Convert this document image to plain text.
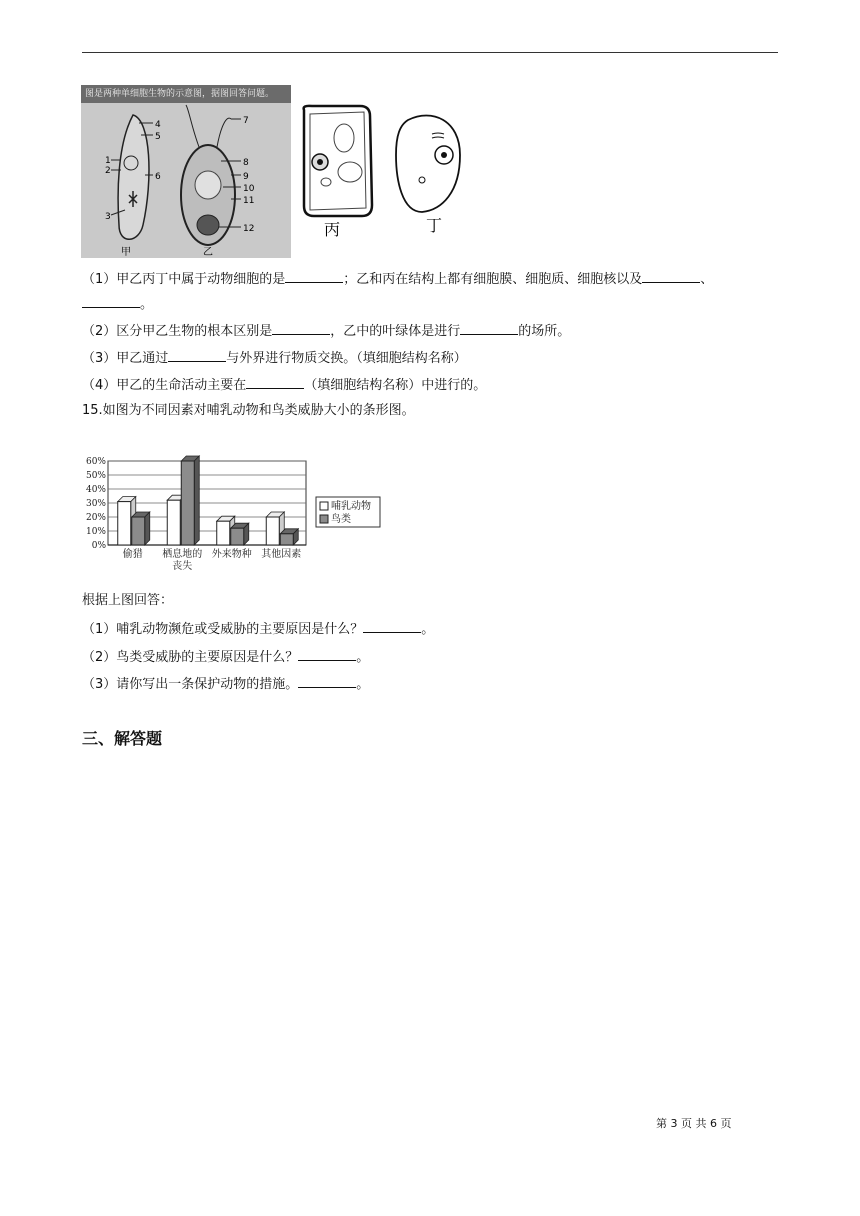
图是两种单细胞生物的示意图，据图回答问题。
4
5
1
2
3
6
7
8
9
10
11
12
甲	乙
丙	丁
（1）甲乙丙丁中属于动物细胞的是	；乙和丙在结构上都有细胞膜、细胞质、细胞核以及	、
。
（2）区分甲乙生物的根本区别是	，乙中的叶绿体是进行	的场所。
（3）甲乙通过	与外界进行物质交换。（填细胞结构名称）
（4）甲乙的生命活动主要在	（填细胞结构名称）中进行的。
15.如图为不同因素对哺乳动物和鸟类威胁大小的条形图。
60%
50%
40%
30%
20%
10%
0%
偷猎 栖息地的
丧失
外来物种 其他因素
哺乳动物
鸟类
根据上图回答：
（1）哺乳动物濒危或受威胁的主要原因是什么？	。
（2）鸟类受威胁的主要原因是什么？	。
（3）请你写出一条保护动物的措施。	。
三、解答题
第 3 页 共 6 页
